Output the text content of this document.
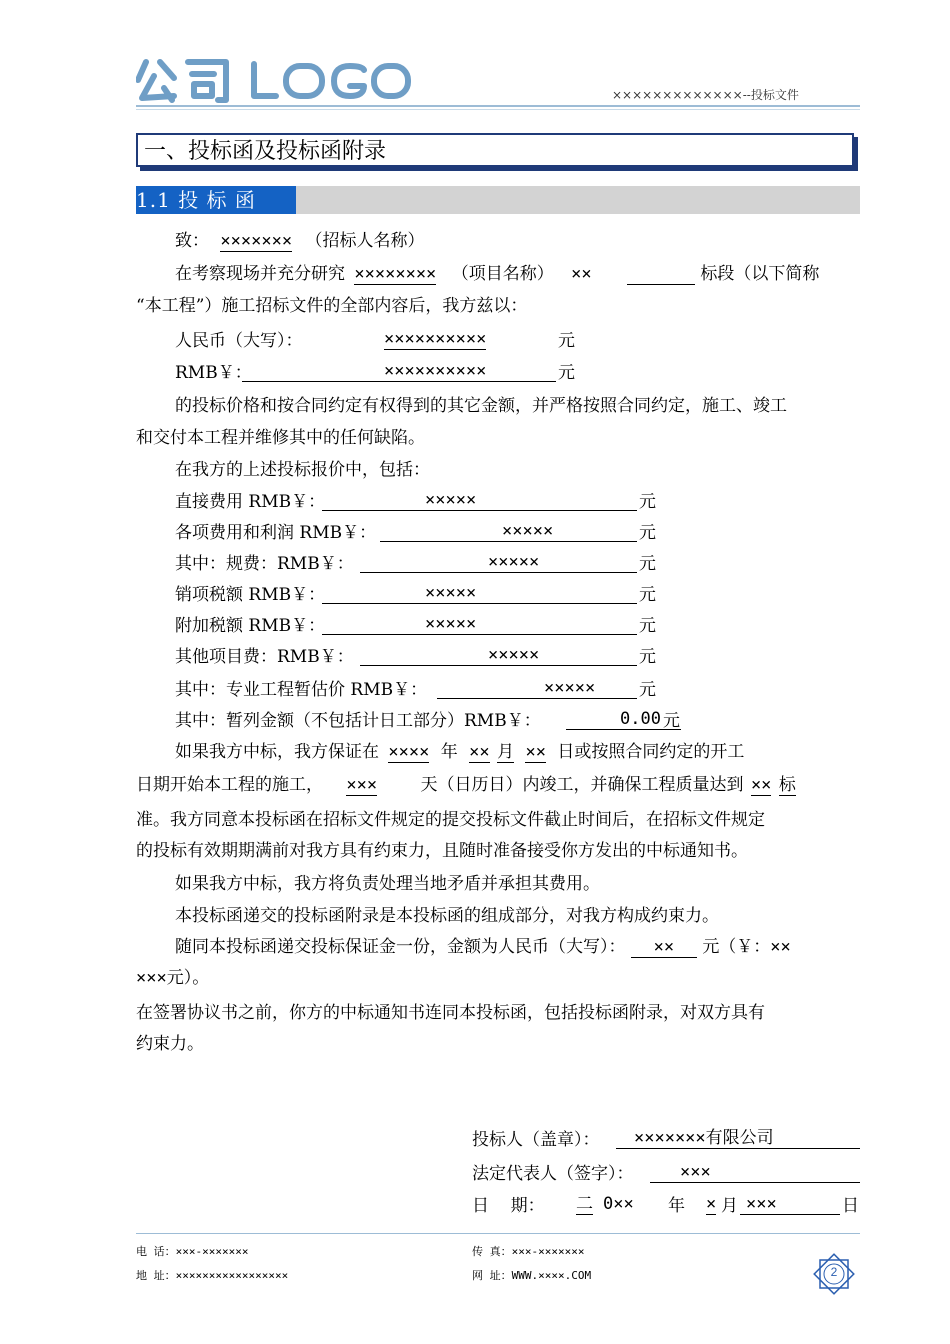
×××××××××××××--投标文件
一、投标函及投标函附录
1.1 投 标 函
致： ××××××× （招标人名称）
在考察现场并充分研究 ×××××××× （项目名称） ××	标段（以下简称
“本工程”）施工招标文件的全部内容后，我方兹以：
人民币（大写）：	××××××××××	元
RMB￥：	××××××××××	元
的投标价格和按合同约定有权得到的其它金额，并严格按照合同约定，施工、竣工
和交付本工程并维修其中的任何缺陷。
在我方的上述投标报价中，包括：
直接费用 RMB￥：	×××××	元
各项费用和利润 RMB￥：	×××××	元
其中：规费：RMB￥：	×××××	元
销项税额 RMB￥：	×××××	元
附加税额 RMB￥：	×××××	元
其他项目费：RMB￥：	×××××	元
其中：专业工程暂估价 RMB￥：	×××××	元
其中：暂列金额（不包括计日工部分）RMB￥：	0.00 元
如果我方中标，我方保证在 ×××× 年 ×× 月 ×× 日或按照合同约定的开工
日期开始本工程的施工， ×××	天（日历日）内竣工，并确保工程质量达到 ×× 标
准。我方同意本投标函在招标文件规定的提交投标文件截止时间后，在招标文件规定
的投标有效期期满前对我方具有约束力，且随时准备接受你方发出的中标通知书。
如果我方中标，我方将负责处理当地矛盾并承担其费用。
本投标函递交的投标函附录是本投标函的组成部分，对我方构成约束力。
随同本投标函递交投标保证金一份，金额为人民币（大写）： ×× 元（￥：××
×××元）。
在签署协议书之前，你方的中标通知书连同本投标函，包括投标函附录，对双方具有
约束力。
投标人（盖章）： ×××××××有限公司
法定代表人（签字）：	×××
日    期： 二 0×× 年 × 月 ×××	日
电 话：×××-×××××××	传 真：×××-×××××××
地 址：×××××××××××××××××	网 址：WWW.××××.COM	2
